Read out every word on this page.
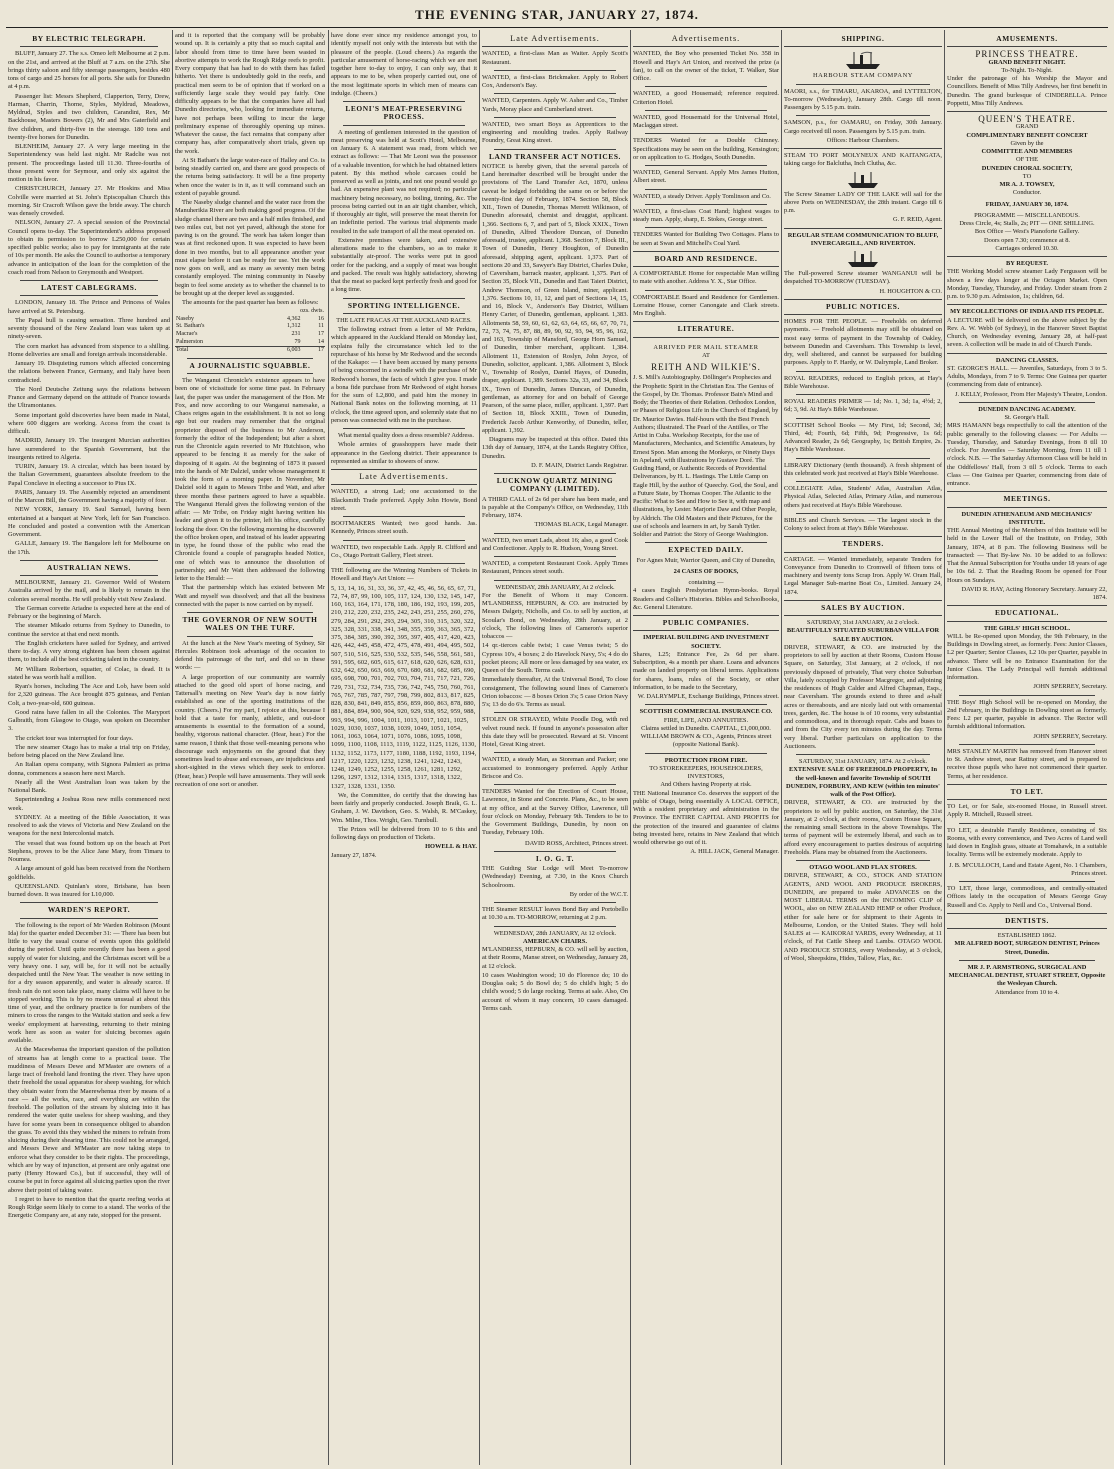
THE EVENING STAR, JANUARY 27, 1874.
BY ELECTRIC TELEGRAPH.

BLUFF, January 27. The s.s. Omeo left Melbourne at 2 p.m. on the 21st, and arrived at the Bluff at 7 a.m. on the 27th. She brings thirty saloon and fifty steerage passengers, besides 480 tons of cargo and 25 horses for all ports. She sails for Dunedin at 4 p.m.

Passenger list: Messrs Shepherd, Clapperton, Terry, Drew, Harman, Charrin, Thorne, Styles, Myldrud, Meadows, Myldrud, Styles and two children, Carandini, Rex, Mr Backhouse, Masters Bowers (2), Mr and Mrs Gaterfield and five children, and thirty-five in the steerage. 180 tons and twenty-five horses for Dunedin.

BLENHEIM, January 27. A very large meeting in the Superintendency was held last night. Mr Radclie was not present. The proceedings lasted till 11.30. Three-fourths of those present were for Seymour, and only six against the motion in his favor.

CHRISTCHURCH, January 27. Mr Hoskins and Miss Colville were married at St. John's Episcopalian Church this morning. Sir Cracroft Wilson gave the bride away. The church was densely crowded.

NELSON, January 27. A special session of the Provincial Council opens to-day. The Superintendent's address proposed to obtain its permission to borrow L250,000 for certain specified public works; also to pay for immigrants at the rate of 10s per month. He asks the Council to authorise a temporary advance in anticipation of the loan for the completion of the coach road from Nelson to Greymouth and Westport.

LATEST CABLEGRAMS.

LONDON, January 18. The Prince and Princess of Wales have arrived at St. Petersburg.

The Papal bull is causing sensation. Three hundred and seventy thousand of the New Zealand loan was taken up at ninety-seven.

The corn market has advanced from sixpence to a shilling. Home deliveries are small and foreign arrivals inconsiderable.

January 19. Disquieting rumors which affected concerning the relations between France, Germany, and Italy have been contradicted.

The Nord Deutsche Zeitung says the relations between France and Germany depend on the attitude of France towards the Ultramontanes.

Some important gold discoveries have been made in Natal, where 600 diggers are working. Access from the coast is difficult.

MADRID, January 19. The insurgent Murcian authorities have surrendered to the Spanish Government, but the insurgents retired to Algeria.

TURIN, January 19. A circular, which has been issued by the Italian Government, guarantees absolute freedom to the Papal Conclave in electing a successor to Pius IX.

PARIS, January 19. The Assembly rejected an amendment of the Marcon Bill, the Government having a majority of four.

NEW YORK, January 19. Saul Samuel, having been entertained at a banquet at New York, left for San Francisco. He concluded and posted a convention with the American Government.

GALLE, January 19. The Bangalore left for Melbourne on the 17th.

AUSTRALIAN NEWS.

MELBOURNE, January 21. Governor Weld of Western Australia arrived by the mail, and is likely to remain in the colonies several months. He will probably visit New Zealand.

The German corvette Ariadne is expected here at the end of February or the beginning of March.

The steamer Mikado returns from Sydney to Dunedin, to continue the service at that end next month.

The English cricketers have sailed for Sydney, and arrived there to-day. A very strong eighteen has been chosen against them, to include all the best cricketing talent in the country.

Mr William Robertson, squatter, of Colac, is dead. It is stated he was worth half a million.

Ryan's horses, including The Ace and Lob, have been sold for 2,320 guineas. The Ace brought 875 guineas, and Fenian Colt, a two-year-old, 600 guineas.

Good rains have fallen in all the Colonies. The Maryport Galbraith, from Glasgow to Otago, was spoken on December 3.

The cricket tour was interrupted for four days.

The new steamer Otago has to make a trial trip on Friday, before being placed on the New Zealand line.

An Italian opera company, with Signora Palmieri as prima donna, commences a season here next March.

Nearly all the West Australian loan was taken by the National Bank.

Superintending a Joshua Ross new mills commenced next week.

SYDNEY. At a meeting of the Bible Association, it was resolved to ask the views of Victoria and New Zealand on the weapons for the next Intercolonial match.

The vessel that was found bottom up on the beach at Port Stephens, proves to be the Alice Jane Mary, from Timaru to Noumea.

A large amount of gold has been received from the Northern goldfields.

QUEENSLAND. Quinlan's store, Brisbane, has been burned down. It was insured for L10,000.

WARDEN'S REPORT.

The following is the report of Mr Warden Robinson (Mount Ida) for the quarter ended December 31: — There has been but little to vary the usual course of events upon this goldfield during the period. Until quite recently there has been a good supply of water for sluicing, and the Christmas escort will be a very heavy one. I say, will be, for it will not be actually despatched until the New Year. The weather is now setting in for a dry season apparently, and water is already scarce. If fresh rain do not soon take place, many claims will have to be stopped working. This is by no means unusual at about this time of year, and the ordinary practice is for numbers of the miners to cross the ranges to the Waitaki station and seek a few weeks' employment at harvesting, returning to their mining work here as soon as water for sluicing becomes again available.

At the Macewhenua the important question of the pollution of streams has at length come to a practical issue. The muddiness of Messrs Dewe and M'Master are owners of a large tract of freehold land fronting the river. They have upon their freehold the usual apparatus for sheep washing, for which they obtain water from the Maerewhenua river by means of a race — all the works, race, and everything are within the freehold. The pollution of the stream by sluicing into it has rendered the water quite useless for sheep washing, and they have for some years been in consequence obliged to abandon the grass. To avoid this they wished the miners to refrain from sluicing during their shearing time. This could not be arranged, and Messrs Dewe and M'Master are now taking steps to enforce what they consider to be their rights. The proceedings, which are by way of injunction, at present are only against one party (Henry Howard Co.), but if successful, they will of course be put in force against all sluicing parties upon the river above their point of taking water.

I regret to have to mention that the quartz reefing works at Rough Ridge seem likely to come to a stand. The works of the Energetic Company are, at any rate, stopped for the present.

and it is reported that the company will be probably wound up. It is certainly a pity that so much capital and labor should from time to time have been wasted in abortive attempts to work the Rough Ridge reefs to profit. Every company that has had to do with them has failed hitherto. Yet there is undoubtedly gold in the reefs, and practical men seem to be of opinion that if worked on a sufficiently large scale they would pay fairly. One difficulty appears to be that the companies have all had Dunedin directories, who, looking for immediate returns, have not perhaps been willing to incur the large preliminary expense of thoroughly opening up mines. Whatever the cause, the fact remains that company after company has, after comparatively short trials, given up the work.

At St Bathan's the large water-race of Halley and Co. is being steadily carried on, and there are good prospects of the returns being satisfactory. It will be a fine property when once the water is in it, as it will command such an extent of payable ground.

The Naseby sludge channel and the water race from the Manuherikia River are both making good progress. Of the sludge channel there are two and a half miles finished, and two miles cut, but not yet paved, although the stone for paving is on the ground. The work has taken longer than was at first reckoned upon. It was expected to have been done in two months, but to all appearance another year must elapse before it can be ready for use. Yet the work now goes on well, and as many as seventy men being constantly employed. The mining community in Naseby begin to feel some anxiety as to whether the channel is to be brought up at the deeper level as suggested.

The amounts for the past quarter has been as follows:

	ozs. dwts.	
Naseby	4,362	16
St. Bathan's	1,312	11
Macrae's	231	17
Palmerston	79	14
Total	6,003	17
A JOURNALISTIC SQUABBLE.

The Wanganui Chronicle's existence appears to have been one of vicissitude for some time past. In February last, the paper was under the management of the Hon. Mr Fox, and now according to our Wanganui namesake, a Chaos reigns again in the establishment. It is not so long ago but our readers may remember that the original proprietor disposed of the business to Mr Anderson, formerly the editor of the Independent; but after a short run the Chronicle again reverted to Mr Hutchison, who appeared to be fencing it as merely for the sake of disposing of it again. At the beginning of 1873 it passed into the hands of Mr Dalziel, under whose management it took the form of a morning paper. In November, Mr Dalziel sold it again to Messrs Tribe and Watt, and after three months these partners agreed to have a squabble. The Wanganui Herald gives the following version of the affair: — Mr Tribe, on Friday night having written his leader and given it to the printer, left his office, carefully locking the door. On the following morning he discovered the office broken open, and instead of his leader appearing in type, he found those of the public who read the Chronicle found a couple of paragraphs headed Notice, one of which was to announce the dissolution of partnership; and Mr Watt then addressed the following letter to the Herald: —

That the partnership which has existed between Mr Watt and myself was dissolved; and that all the business connected with the paper is now carried on by myself.

THE GOVERNOR OF NEW SOUTH WALES ON THE TURF.

At the lunch at the New Year's meeting of Sydney, Sir Hercules Robinson took advantage of the occasion to defend his patronage of the turf, and did so in these words: —

A large proportion of our community are warmly attached to the good old sport of horse racing, and Tattersall's meeting on New Year's day is now fairly established as one of the sporting institutions of the country. (Cheers.) For my part, I rejoice at this, because I hold that a taste for manly, athletic, and out-door amusements is essential to the formation of a sound, healthy, vigorous national character. (Hear, hear.) For the same reason, I think that those well-meaning persons who discourage such enjoyments on the ground that they sometimes lead to abuse and excesses, are injudicious and short-sighted in the views which they seek to enforce. (Hear, hear.) People will have amusements. They will seek recreation of one sort or another.

have done ever since my residence amongst you, to identify myself not only with the interests but with the pleasure of the people. (Loud cheers.) As regards the particular amusement of horse-racing which we are met together here to-day to enjoy, I can only say, that it appears to me to be, when properly carried out, one of the most legitimate sports in which men of means can indulge. (Cheers.)

LEONI'S MEAT-PRESERVING PROCESS.

A meeting of gentlemen interested in the question of meat preserving was held at Scott's Hotel, Melbourne, on January 6. A statement was read, from which we extract as follows: — That Mr Leoni was the possessor of a valuable invention, for which he had obtained letters patent. By this method whole carcases could be preserved as well as joints, and not one pound would go bad. An expensive plant was not required; no particular machinery being necessary, no boiling, tinning, &c. The process being carried out in an air tight chamber, which, if thoroughly air tight, will preserve the meat therein for an indefinite period. The various trial shipments made resulted in the safe transport of all the meat operated on.

Extensive premises were taken, and extensive alterations made to the chambers, so as to make it substantially air-proof. The works were put in good order for the packing, and a supply of meat was bought and packed. The result was highly satisfactory, showing that the meat so packed kept perfectly fresh and good for a long time.

SPORTING INTELLIGENCE.
THE LATE FRACAS AT THE AUCKLAND RACES.

The following extract from a letter of Mr Perkins, which appeared in the Auckland Herald on Monday last, explains fully the circumstance which led to the repurchase of his horse by Mr Redwood and the seconds of the Kakapo: — I have been accused by many persons of being concerned in a swindle with the purchase of Mr Redwood's horses, the facts of which I give you. I made a bona fide purchase from Mr Redwood of eight horses for the sum of L2,800, and paid him the money in National Bank notes on the following morning, at 11 o'clock, the time agreed upon, and solemnly state that no person was connected with me in the purchase.

What mental quality does a dress resemble? Address.

Whole armies of grasshoppers have made their appearance in the Geelong district. Their appearance is represented as similar to showers of snow.

Late Advertisements.

WANTED, a strong Lad; one accustomed to the Blacksmith Trade preferred. Apply John Howie, Bond street.

BOOTMAKERS Wanted; two good hands. Jas. Kennedy, Princes street south.

WANTED, two respectable Lads. Apply R. Clifford and Co., Otago Portrait Gallery, Fleet street.

THE following are the Winning Numbers of Tickets in Howell and Hay's Art Union: —

5, 13, 14, 16, 31, 33, 36, 37, 42, 45, 46, 56, 65, 67, 71, 72, 74, 87, 99, 100, 105, 117, 124, 130, 132, 145, 147, 160, 163, 164, 171, 178, 180, 186, 192, 193, 199, 205, 210, 212, 220, 232, 235, 242, 243, 251, 255, 260, 276, 279, 284, 291, 292, 293, 294, 305, 310, 315, 320, 322, 325, 328, 331, 338, 341, 348, 355, 359, 363, 365, 372, 375, 384, 385, 390, 392, 395, 397, 405, 417, 420, 423, 426, 442, 445, 458, 472, 475, 478, 491, 494, 495, 502, 507, 510, 516, 525, 530, 532, 535, 546, 558, 561, 581, 591, 595, 602, 605, 615, 617, 618, 620, 626, 628, 631, 632, 642, 650, 663, 669, 670, 680, 681, 682, 685, 690, 695, 698, 700, 701, 702, 703, 704, 711, 717, 721, 726, 729, 731, 732, 734, 735, 736, 742, 745, 750, 760, 761, 765, 767, 785, 787, 797, 798, 799, 802, 813, 817, 825, 828, 830, 841, 849, 855, 856, 859, 860, 863, 878, 880, 881, 884, 894, 900, 904, 920, 929, 938, 952, 959, 988, 993, 994, 996, 1004, 1011, 1013, 1017, 1021, 1025, 1029, 1030, 1037, 1038, 1039, 1049, 1051, 1054, 1061, 1063, 1064, 1071, 1076, 1086, 1095, 1098, 1099, 1100, 1108, 1113, 1119, 1122, 1125, 1126, 1130, 1132, 1152, 1173, 1177, 1180, 1188, 1192, 1193, 1194, 1217, 1220, 1223, 1232, 1238, 1241, 1242, 1243, 1248, 1249, 1252, 1255, 1258, 1261, 1281, 1292, 1296, 1297, 1312, 1314, 1315, 1317, 1318, 1322, 1327, 1328, 1331, 1350.

We, the Committee, do certify that the drawing has been fairly and properly conducted. Joseph Braik, G. L. Graham, J. W. Davidson, Geo. S. Walsh, R. M'Caskey, Wm. Milne, Thos. Wright, Geo. Turnbull.

The Prizes will be delivered from 10 to 6 this and following days on production of Tickets.

HOWELL & HAY.
January 27, 1874.
Late Advertisements.

WANTED, a first-class Man as Waiter. Apply Scott's Restaurant.

WANTED, a first-class Brickmaker. Apply to Robert Cox, Anderson's Bay.

WANTED, Carpenters. Apply W. Asher and Co., Timber Yards, Moray place and Cumberland street.

WANTED, two smart Boys as Apprentices to the engineering and moulding trades. Apply Railway Foundry, Great King street.

LAND TRANSFER ACT NOTICES.

NOTICE is hereby given, that the several parcels of Land hereinafter described will be brought under the provisions of The Land Transfer Act, 1870, unless caveat be lodged forbidding the same on or before the twenty-first day of February, 1874. Section 58, Block XII., Town of Dunedin, Thomas Merrett Wilkinson, of Dunedin aforesaid, chemist and druggist, applicant. 1,366. Sections 6, 7, and part of 5, Block XXIX., Town of Dunedin, Alfred Theodore Duncan, of Dunedin aforesaid, trustee, applicant. 1,368. Section 7, Block III., Town of Dunedin, Henry Houghton, of Dunedin aforesaid, shipping agent, applicant. 1,373. Part of sections 20 and 33, Sawyer's Bay District, Charles Duke, of Caversham, barrack master, applicant. 1,375. Part of Section 35, Block VII., Dunedin and East Taieri District, Andrew Thomson, of Green Island, miner, applicant. 1,376. Sections 10, 11, 12, and part of Sections 14, 15, and 16, Block V., Anderson's Bay District, William Henry Carter, of Dunedin, gentleman, applicant. 1,383. Allotments 58, 59, 60, 61, 62, 63, 64, 65, 66, 67, 70, 71, 72, 73, 74, 75, 87, 88, 89, 90, 92, 93, 94, 95, 96, 162, and 163, Township of Mansford, George Horn Samuel, of Dunedin, timber merchant, applicant. 1,384. Allotment 11, Extension of Roslyn, John Joyce, of Dunedin, solicitor, applicant. 1,386. Allotment 3, Block V., Township of Roslyn, Daniel Hayes, of Dunedin, draper, applicant. 1,389. Sections 32a, 33, and 34, Block IX., Town of Dunedin, James Duncan, of Dunedin, gentleman, as attorney for and on behalf of George Pearson, of the same place, miller, applicant. 1,397. Part of Section 18, Block XXIII., Town of Dunedin, Frederick Jacob Arthur Kenworthy, of Dunedin, teller, applicant. 1,392.

Diagrams may be inspected at this office. Dated this 13th day of January, 1874, at the Lands Registry Office, Dunedin.

D. F. MAIN, District Lands Registrar.
LUCKNOW QUARTZ MINING COMPANY (LIMITED).

A THIRD CALL of 2s 6d per share has been made, and is payable at the Company's Office, on Wednesday, 11th February, 1874.

THOMAS BLACK, Legal Manager.

WANTED, two smart Lads, about 16; also, a good Cook and Confectioner. Apply to R. Hudson, Young Street.

WANTED, a competent Restaurant Cook. Apply Times Restaurant, Princes street south.

WEDNESDAY, 28th JANUARY, At 2 o'clock.

For the Benefit of Whom it may Concern. M'LANDRESS, HEPBURN, & CO. are instructed by Messrs Dalgety, Nicholls, and Co. to sell by auction, at Scoular's Bond, on Wednesday, 28th January, at 2 o'clock, The following lines of Cameron's superior tobaccos —

14 qr.-tierces cable twist; 1 case Venus twist; 5 do Cypress 10's, 4 boxes; 2 do Havelock Navy, 5's; 4 do do pocket pieces; All more or less damaged by sea water, ex Queen of the South. Terms cash.

Immediately thereafter, At the Universal Bond, To close consignment, The following sound lines of Cameron's Orion tobaccos: — 8 boxes Orion 3's; 5 case Orion Navy 5's; 13 do do 6's. Terms as usual.

STOLEN OR STRAYED, White Poodle Dog, with red velvet round neck. If found in anyone's possession after this date they will be prosecuted. Reward at St. Vincent Hotel, Great King street.

WANTED, a steady Man, as Storeman and Packer; one accustomed to ironmongery preferred. Apply Arthur Briscoe and Co.

TENDERS Wanted for the Erection of Court House, Lawrence, in Stone and Concrete. Plans, &c., to be seen at my office, and at the Survey Office, Lawrence, till four o'clock on Monday, February 9th. Tenders to be to the Government Buildings, Dunedin, by noon on Tuesday, February 10th.

DAVID ROSS, Architect, Princes street.
I. O. G. T.

THE Guiding Star Lodge will Meet To-morrow (Wednesday) Evening, at 7.30, in the Knox Church Schoolroom.

By order of the W.C.T.

THE Steamer RESULT leaves Bond Bay and Portobello at 10.30 a.m. TO-MORROW, returning at 2 p.m.

WEDNESDAY, 28th JANUARY, At 12 o'clock.
AMERICAN CHAIRS.

M'LANDRESS, HEPBURN, & CO. will sell by auction, at their Rooms, Manse street, on Wednesday, January 28, at 12 o'clock.

10 cases Washington wood; 10 do Florence do; 10 do Douglas oak; 5 do Bowl do; 5 do child's high; 5 do child's wood; 5 do large rocking. Terms at sale. Also, On account of whom it may concern, 10 cases damaged. Terms cash.

Advertisements.

WANTED, the Boy who presented Ticket No. 358 in Howell and Hay's Art Union, and received the prize (a fan), to call on the owner of the ticket, T. Walker, Star Office.

WANTED, a good Housemaid; reference required. Criterion Hotel.

WANTED, good Housemaid for the Universal Hotel, Maclaggan street.

TENDERS Wanted for a Double Chimney. Specifications may be seen on the building, Kensington; or on application to G. Hodges, South Dunedin.

WANTED, General Servant. Apply Mrs James Hutton, Albert street.

WANTED, a steady Driver. Apply Tomlinson and Co.

WANTED, a first-class Coat Hand; highest wages to steady man. Apply, sharp, E. Stokes, George street.

TENDERS Wanted for Building Two Cottages. Plans to be seen at Swan and Mitchell's Coal Yard.

BOARD AND RESIDENCE.

A COMFORTABLE Home for respectable Man willing to mate with another. Address Y. X., Star Office.

COMFORTABLE Board and Residence for Gentlemen. Lorraine House, corner Canongate and Clark streets. Mrs English.

LITERATURE.
ARRIVED PER MAIL STEAMER
AT
REITH AND WILKIE'S.

J. S. Mill's Autobiography. Döllinger's Prophecies and the Prophetic Spirit in the Christian Era. The Genius of the Gospel, by Dr. Thomas. Professor Bain's Mind and Body; the Theories of their Relation. Orthodox London, or Phases of Religious Life in the Church of England, by Dr. Maurice Davies. Half-hours with the Best French Authors; illustrated. The Pearl of the Antilles, or The Artist in Cuba. Workshop Receipts, for the use of Manufacturers, Mechanics, and Scientific Amateurs, by Ernest Spon. Man among the Monkeys, or Ninety Days in Apeland, with illustrations by Gustave Doré. The Guiding Hand, or Authentic Records of Providential Deliverances, by H. L. Hastings. The Little Camp on Eagle Hill, by the author of Queechy. God, the Soul, and a Future State, by Thomas Cooper. The Atlantic to the Pacific: What to See and How to See it, with map and illustrations, by Lester. Marjorie Daw and Other People, by Aldrich. The Old Masters and their Pictures, for the use of schools and learners in art, by Sarah Tytler. Soldier and Patriot: the Story of George Washington.

EXPECTED DAILY.
For Agnes Muir, Warrior Queen, and City of Dunedin,
24 CASES OF BOOKS,
containing —

4 cases English Presbyterian Hymn-books. Royal Readers and Collier's Histories. Bibles and Schoolbooks, &c. General Literature.

PUBLIC COMPANIES.
IMPERIAL BUILDING AND INVESTMENT SOCIETY.

Shares, L25; Entrance Fee, 2s 6d per share. Subscription, 4s a month per share. Loans and advances made on landed property on liberal terms. Applications for shares, loans, rules of the Society, or other information, to be made to the Secretary,

W. DALRYMPLE, Exchange Buildings, Princes street.
SCOTTISH COMMERCIAL INSURANCE CO.
FIRE, LIFE, AND ANNUITIES.

Claims settled in Dunedin. CAPITAL, £1,000,000. WILLIAM BROWN & CO., Agents, Princes street (opposite National Bank).

PROTECTION FROM FIRE.
TO STOREKEEPERS, HOUSEHOLDERS, INVESTORS,
And Others having Property at risk.

THE National Insurance Co. deserves the support of the public of Otago, being essentially A LOCAL OFFICE, With a resident proprietary and administration in the Province. The ENTIRE CAPITAL AND PROFITS for the protection of the insured and guarantee of claims being invested here, retains in New Zealand that which would otherwise go out of it.

A. HILL JACK, General Manager.
SHIPPING.
HARBOUR STEAM COMPANY

MAORI, s.s., for TIMARU, AKAROA, and LYTTELTON, To-morrow (Wednesday), January 28th. Cargo till noon. Passengers by 5.15 p.m. train.

SAMSON, p.s., for OAMARU, on Friday, 30th January. Cargo received till noon. Passengers by 5.15 p.m. train.

Offices: Harbour Chambers.

STEAM TO PORT MOLYNEUX AND KAITANGATA, taking cargo for Balclutha, Inch Clutha, &c.

The Screw Steamer LADY OF THE LAKE will sail for the above Ports on WEDNESDAY, the 28th instant. Cargo till 6 p.m.

G. F. REID, Agent.
REGULAR STEAM COMMUNICATION TO BLUFF, INVERCARGILL, AND RIVERTON.

The Full-powered Screw steamer WANGANUI will be despatched TO-MORROW (TUESDAY).

H. HOUGHTON & CO.
PUBLIC NOTICES.

HOMES FOR THE PEOPLE. — Freeholds on deferred payments. — Freehold allotments may still be obtained on most easy terms of payment in the Township of Oakley, between Dunedin and Caversham. This Township is level, dry, well sheltered, and cannot be surpassed for building purposes. Apply to F. Hardy, or W. Dalrymple, Land Broker.

ROYAL READERS, reduced to English prices, at Hay's Bible Warehouse.

ROYAL READERS PRIMER — 1d; No. 1, 3d; 1a, 4½d; 2, 6d; 3, 9d. At Hay's Bible Warehouse.

SCOTTISH School Books — My First, 1d; Second, 3d; Third, 4d; Fourth, 6d; Fifth, 9d; Progressive, 1s 6d; Advanced Reader, 2s 6d; Geography, 1s; British Empire, 2s. Hay's Bible Warehouse.

LIBRARY Dictionary (tenth thousand). A fresh shipment of this celebrated work just received at Hay's Bible Warehouse.

COLLEGIATE Atlas, Students' Atlas, Australian Atlas, Physical Atlas, Selected Atlas, Primary Atlas, and numerous others just received at Hay's Bible Warehouse.

BIBLES and Church Services. — The largest stock in the Colony to select from at Hay's Bible Warehouse.

TENDERS.

CARTAGE. — Wanted immediately, separate Tenders for Conveyance from Dunedin to Cromwell of fifteen tons of machinery and twenty tons Scrap Iron. Apply W. Oram Hall, Legal Manager Sub-marine Boat Co., Limited. January 24, 1874.

SALES BY AUCTION.
SATURDAY, 31st JANUARY, At 2 o'clock.
BEAUTIFULLY SITUATED SUBURBAN VILLA FOR SALE BY AUCTION.

DRIVER, STEWART, & CO. are instructed by the proprietors to sell by auction at their Rooms, Custom House Square, on Saturday, 31st January, at 2 o'clock, if not previously disposed of privately, That very choice Suburban Villa, lately occupied by Professor Macgregor, and adjoining the residences of Hugh Calder and Alfred Chapman, Esqs., near Caversham. The grounds extend to three and a-half acres or thereabouts, and are nicely laid out with ornamental trees, garden, &c. The house is of 10 rooms, very substantial and commodious, and in thorough repair. Cabs and buses to and from the City every ten minutes during the day. Terms very liberal. Further particulars on application to the Auctioneers.

SATURDAY, 31st JANUARY, 1874. At 2 o'clock.
EXTENSIVE SALE OF FREEHOLD PROPERTY, In the well-known and favorite Township of SOUTH DUNEDIN, FORBURY, AND KEW (within ten minutes' walk of the Post Office).

DRIVER, STEWART, & CO. are instructed by the proprietors to sell by public auction, on Saturday, the 31st January, at 2 o'clock, at their rooms, Custom House Square, the remaining small Sections in the above Townships. The terms of payment will be extremely liberal, and such as to afford every encouragement to parties desirous of acquiring Freeholds. Plans may be obtained from the Auctioneers.

OTAGO WOOL AND FLAX STORES.

DRIVER, STEWART, & CO., STOCK AND STATION AGENTS, AND WOOL AND PRODUCE BROKERS, DUNEDIN, are prepared to make ADVANCES on the MOST LIBERAL TERMS on the INCOMING CLIP of WOOL, also on NEW ZEALAND HEMP or other Produce, either for sale here or for shipment to their Agents in Melbourne, London, or the United States. They will hold SALES at — KAIKORAI YARDS, every Wednesday, at 11 o'clock, of Fat Cattle Sheep and Lambs. OTAGO WOOL AND PRODUCE STORES, every Wednesday, at 3 o'clock, of Wool, Sheepskins, Hides, Tallow, Flax, &c.

AMUSEMENTS.
PRINCESS THEATRE.
GRAND BENEFIT NIGHT.
To-Night. To-Night.

Under the patronage of his Worship the Mayor and Councillors. Benefit of Miss Tilly Andrews, her first benefit in Dunedin. The grand burlesque of CINDERELLA. Prince Poppetti, Miss Tilly Andrews.

QUEEN'S THEATRE.
GRAND
COMPLIMENTARY BENEFIT CONCERT
Given by the
COMMITTEE AND MEMBERS
OF THE
DUNEDIN CHORAL SOCIETY,
TO
MR A. J. TOWSEY,
Conductor.
FRIDAY, JANUARY 30, 1874.
PROGRAMME — MISCELLANEOUS.
Dress Circle, 4s; Stalls, 2s; PIT — ONE SHILLING.
Box Office — West's Pianoforte Gallery.
Doors open 7.30; commence at 8.
Carriages ordered 10.30.
BY REQUEST.

THE Working Model screw steamer Lady Fergusson will be shown a few days longer at the Octagon Market. Open Monday, Tuesday, Thursday, and Friday. Under steam from 2 p.m. to 9.30 p.m. Admission, 1s; children, 6d.

MY RECOLLECTIONS OF INDIA AND ITS PEOPLE.

A LECTURE will be delivered on the above subject by the Rev. A. W. Webb (of Sydney), in the Hanover Street Baptist Church, on Wednesday evening, January 28, at half-past seven. A collection will be made in aid of Church Funds.

DANCING CLASSES.

ST. GEORGE'S HALL. — Juveniles, Saturdays, from 3 to 5. Adults, Mondays, from 7 to 9. Terms: One Guinea per quarter (commencing from date of entrance).

J. KELLY, Professor, From Her Majesty's Theatre, London.
DUNEDIN DANCING ACADEMY.
St. George's Hall.

MRS HAMANN begs respectfully to call the attention of the public generally to the following classes: — For Adults — Tuesday, Thursday, and Saturday Evenings, from 8 till 10 o'clock. For Juveniles — Saturday Morning, from 11 till 1 o'clock. N.B. — The Saturday Afternoon Class will be held in the Oddfellows' Hall, from 3 till 5 o'clock. Terms to each Class — One Guinea per Quarter, commencing from date of entrance.

MEETINGS.
DUNEDIN ATHENAEUM AND MECHANICS' INSTITUTE.

THE Annual Meeting of the Members of this Institute will be held in the Lower Hall of the Institute, on Friday, 30th January, 1874, at 8 p.m. The following Business will be transacted: — That By-law No. 10 be added to as follows: That the Annual Subscription for Youths under 18 years of age be 10s 6d. 2. That the Reading Room be opened for Four Hours on Sundays.

DAVID R. HAY, Acting Honorary Secretary. January 22, 1874.
EDUCATIONAL.
THE GIRLS' HIGH SCHOOL.

WILL be Re-opened upon Monday, the 9th February, in the Buildings in Dowling street, as formerly. Fees: Junior Classes, L2 per Quarter; Senior Classes, L2 10s per Quarter, payable in advance. There will be no Entrance Examination for the Junior Class. The Lady Principal will furnish additional information.

JOHN SPERREY, Secretary.

THE Boys' High School will be re-opened on Monday, the 2nd February, in the Buildings in Dowling street as formerly. Fees: L2 per quarter, payable in advance. The Rector will furnish additional information.

JOHN SPERREY, Secretary.

MRS STANLEY MARTIN has removed from Hanover street to St. Andrew street, near Rattray street, and is prepared to receive those pupils who have not commenced their quarter. Terms, at her residence.

TO LET.

TO Let, or for Sale, six-roomed House, in Russell street. Apply R. Mitchell, Russell street.

TO LET, a desirable Family Residence, consisting of Six Rooms, with every convenience, and Two Acres of Land well laid down in English grass, situate at Tomahawk, in a suitable locality. Terms will be extremely moderate. Apply to

J. B. M'CULLOCH, Land and Estate Agent, No. 1 Chambers, Princes street.

TO LET, those large, commodious, and centrally-situated Offices lately in the occupation of Messrs George Gray Russell and Co. Apply to Neill and Co., Universal Bond.

DENTISTS.
ESTABLISHED 1862.
MR ALFRED BOOT, SURGEON DENTIST, Princes Street, Dunedin.
MR J. P. ARMSTRONG, SURGICAL AND MECHANICAL DENTIST, STUART STREET, Opposite the Wesleyan Church.
Attendance from 10 to 4.
